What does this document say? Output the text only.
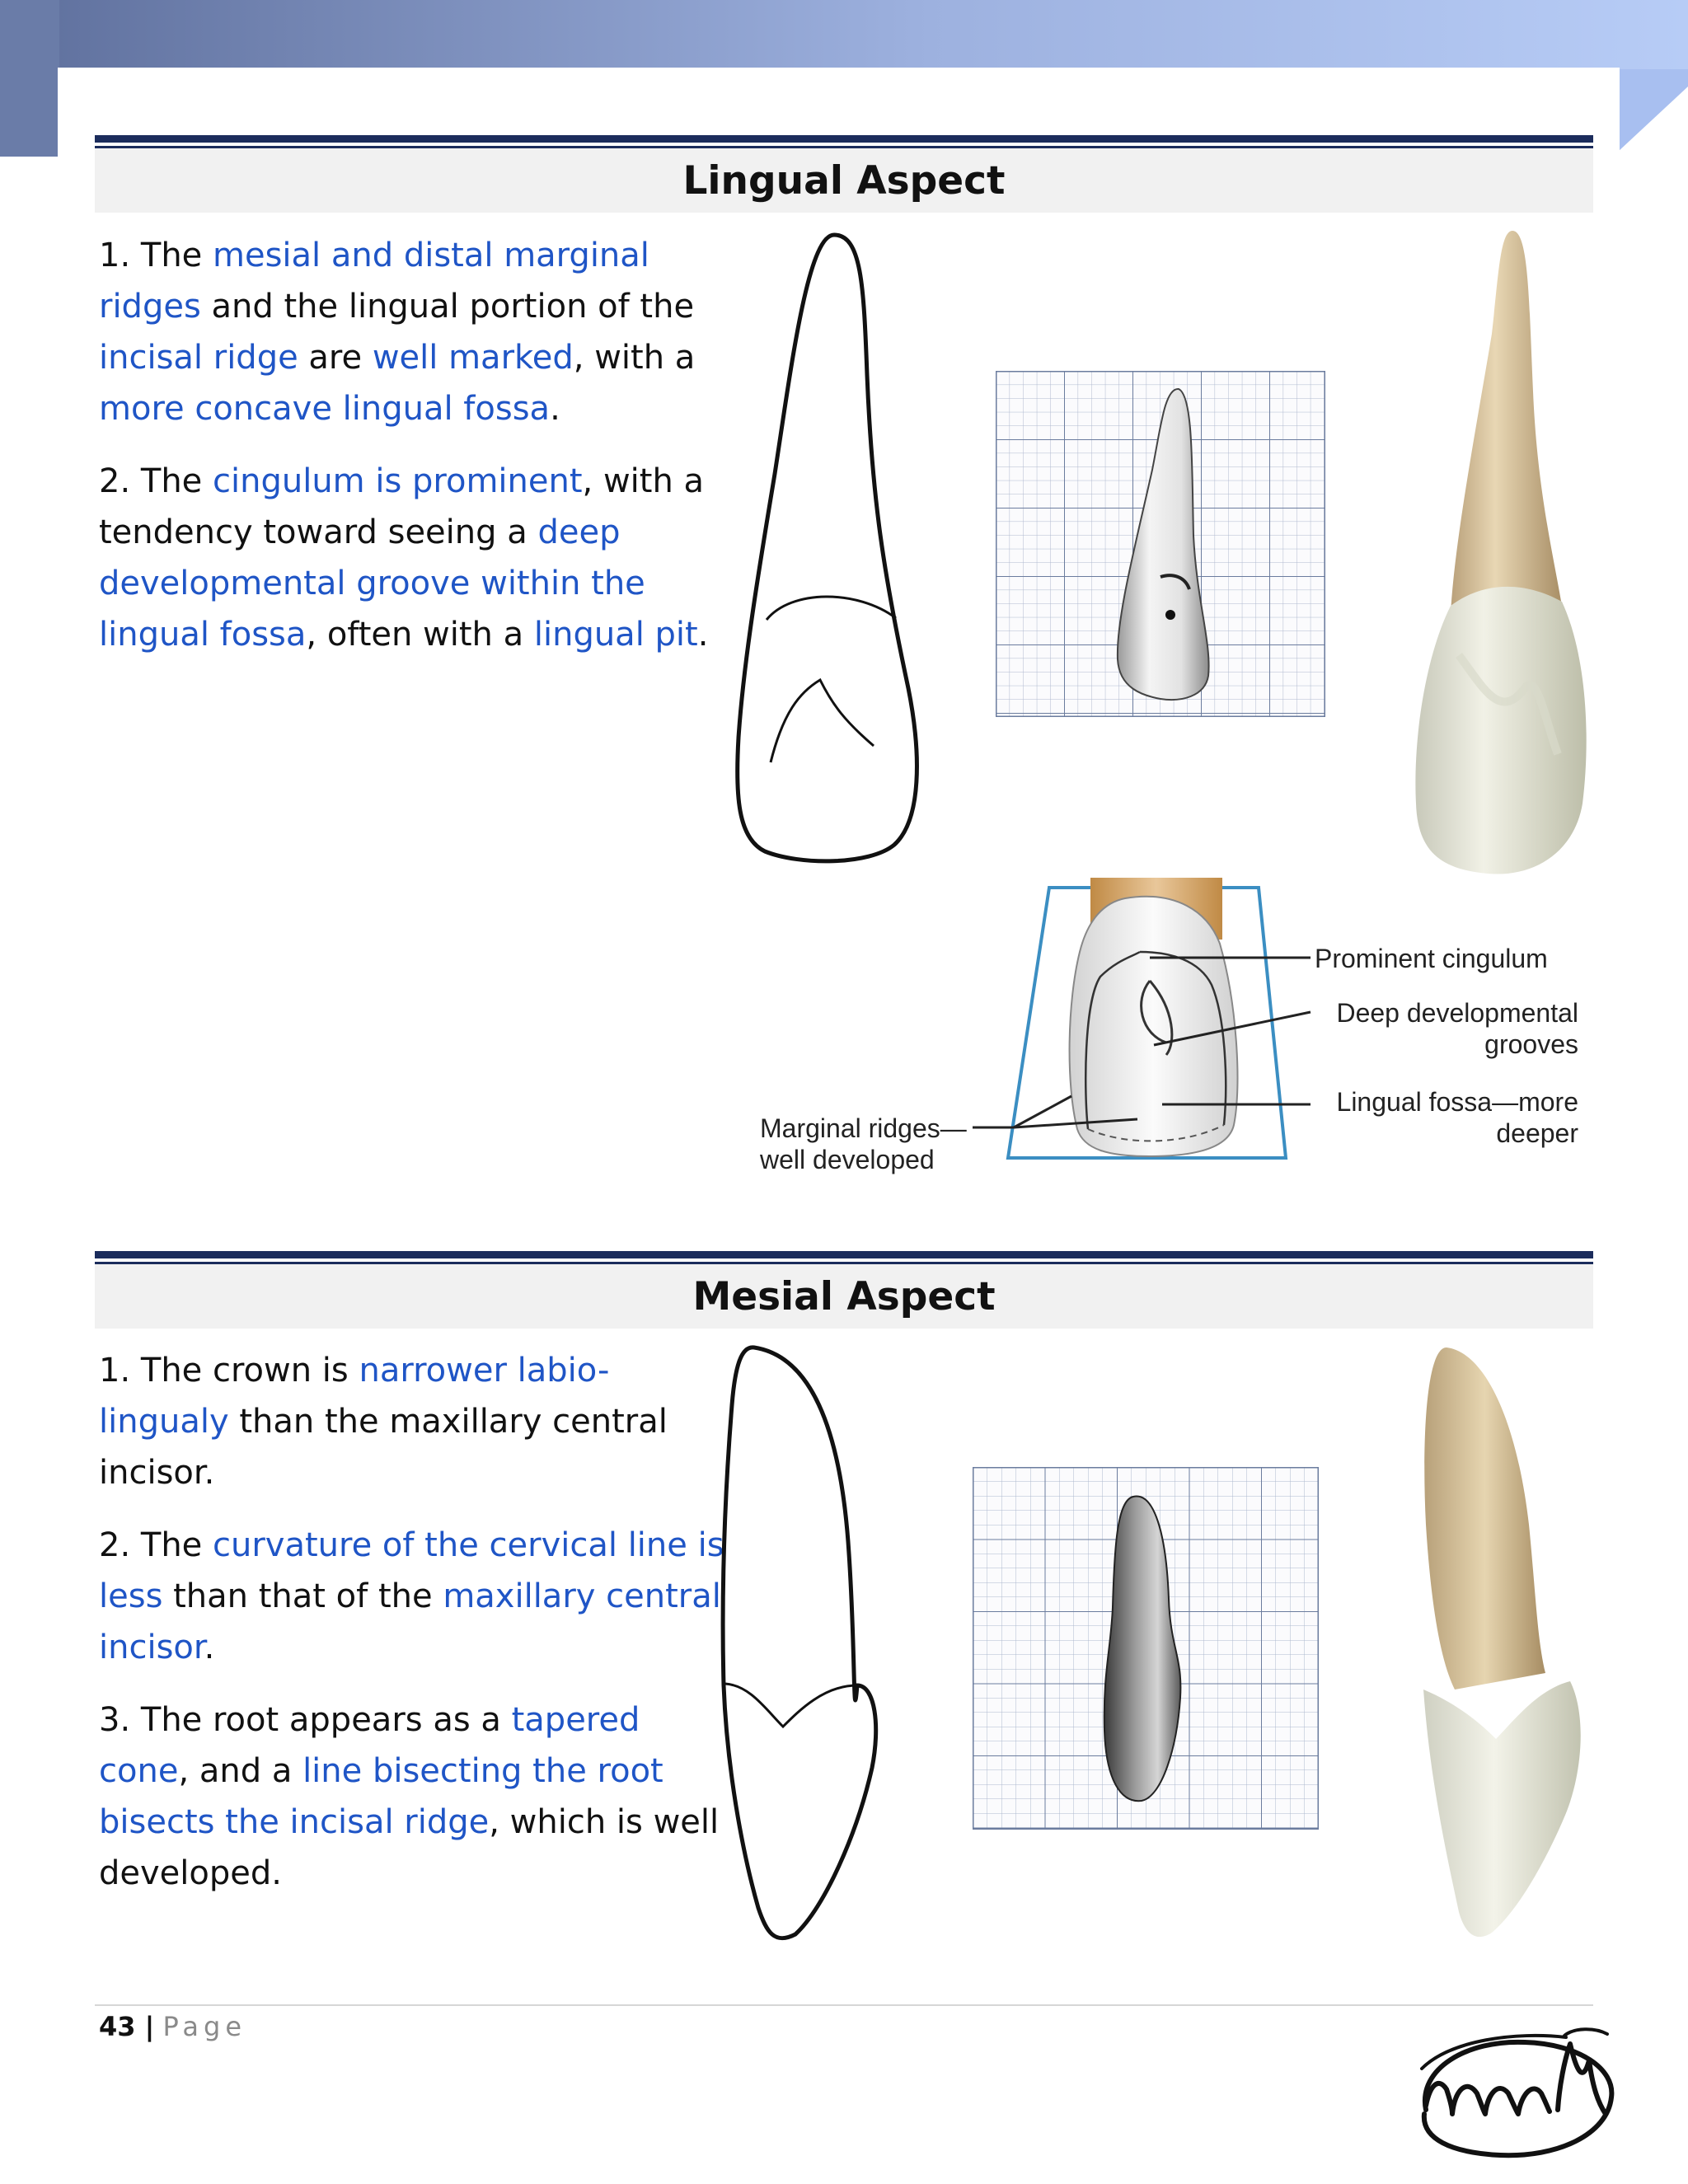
Lingual Aspect

1. The mesial and distal marginal ridges and the lingual portion of the incisal ridge are well marked, with a more concave lingual fossa.

2. The cingulum is prominent, with a tendency toward seeing a deep developmental groove within the lingual fossa, often with a lingual pit.

Prominent cingulum
Deep developmental
grooves
Lingual fossa—more
deeper
Marginal ridges—
well developed
Mesial Aspect

1. The crown is narrower labio-lingualy than the maxillary central incisor.

2. The curvature of the cervical line is less than that of the maxillary central incisor.

3. The root appears as a tapered cone, and a line bisecting the root bisects the incisal ridge, which is well developed.

43 | Page
